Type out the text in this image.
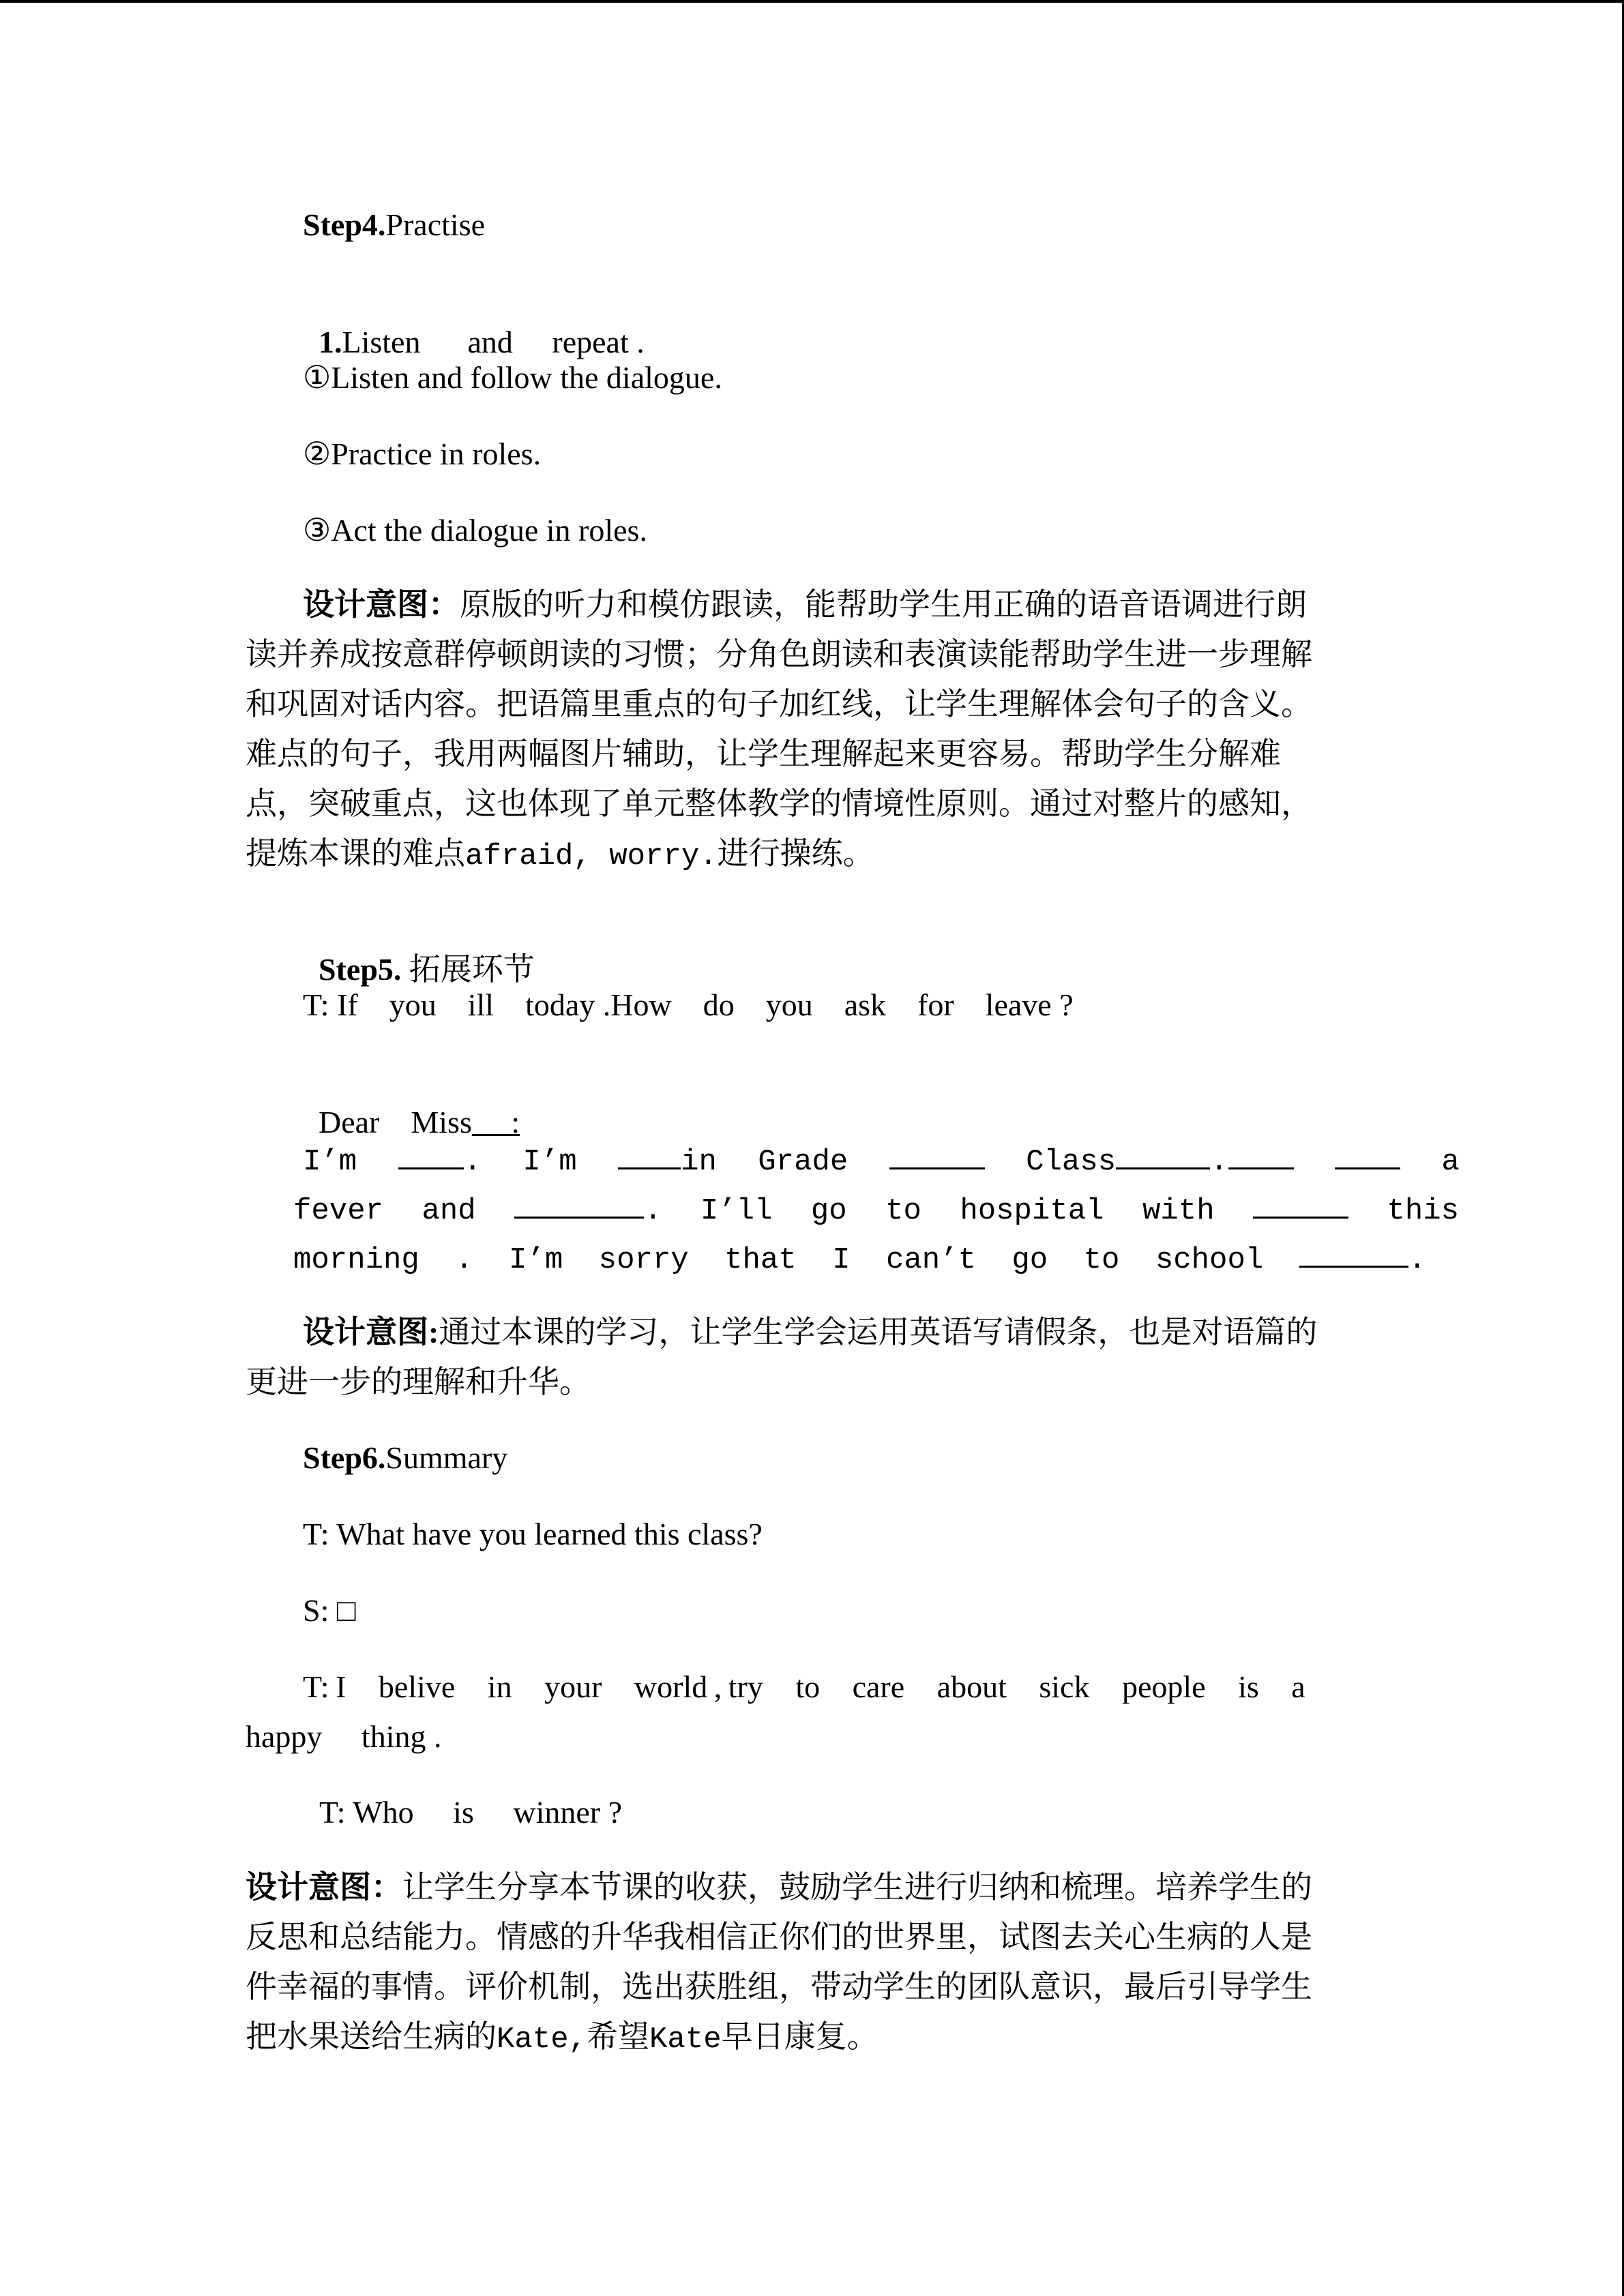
Step4.Practise

1.Listen      and     repeat .

①Listen and follow the dialogue.
②Practice in roles.
③Act the dialogue in roles.
设计意图：原版的听力和模仿跟读，能帮助学生用正确的语音语调进行朗
读并养成按意群停顿朗读的习惯；分角色朗读和表演读能帮助学生进一步理解
和巩固对话内容。把语篇里重点的句子加红线，让学生理解体会句子的含义。
难点的句子，我用两幅图片辅助，让学生理解起来更容易。帮助学生分解难
点，突破重点，这也体现了单元整体教学的情境性原则。通过对整片的感知，
提炼本课的难点afraid, worry.进行操练。

Step5. 拓展环节

T: If    you    ill    today .How    do    you    ask    for    leave ?

Dear    Miss     :

I’m	. I’m	in Grade	Class	.	a
fever and	. I’ll go to hospital with	this
morning . I’m sorry that I can’t go to school	.
设计意图:通过本课的学习，让学生学会运用英语写请假条，也是对语篇的
更进一步的理解和升华。
Step6.Summary
T: What have you learned this class?
S: □
T: I     belive     in     your     world , try     to     care     about     sick     people     is     a
happy     thing .
T: Who     is     winner ?
设计意图：让学生分享本节课的收获，鼓励学生进行归纳和梳理。培养学生的
反思和总结能力。情感的升华我相信正你们的世界里，试图去关心生病的人是
件幸福的事情。评价机制，选出获胜组，带动学生的团队意识，最后引导学生
把水果送给生病的Kate,希望Kate早日康复。
